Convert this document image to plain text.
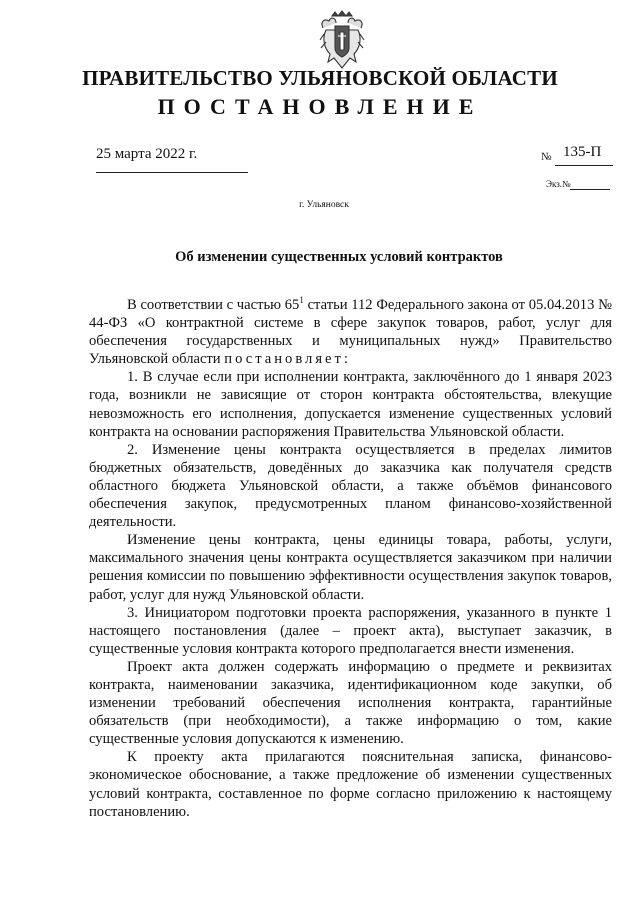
ПРАВИТЕЛЬСТВО УЛЬЯНОВСКОЙ ОБЛАСТИ
ПОСТАНОВЛЕНИЕ
25 марта 2022 г.	№ 135-П
Экз.№
г. Ульяновск
Об изменении существенных условий контрактов

В соответствии с частью $65^1$ статьи 112 Федерального закона от 05.04.2013 № 44-ФЗ «О контрактной системе в сфере закупок товаров, работ, услуг для обеспечения государственных и муниципальных нужд» Правительство Ульяновской области постановляет:

1. В случае если при исполнении контракта, заключённого до 1 января 2023 года, возникли не зависящие от сторон контракта обстоятельства, влекущие невозможность его исполнения, допускается изменение существенных условий контракта на основании распоряжения Правительства Ульяновской области.

2. Изменение цены контракта осуществляется в пределах лимитов бюджетных обязательств, доведённых до заказчика как получателя средств областного бюджета Ульяновской области, а также объёмов финансового обеспечения закупок, предусмотренных планом финансово-хозяйственной деятельности.

Изменение цены контракта, цены единицы товара, работы, услуги, максимального значения цены контракта осуществляется заказчиком при наличии решения комиссии по повышению эффективности осуществления закупок товаров, работ, услуг для нужд Ульяновской области.

3. Инициатором подготовки проекта распоряжения, указанного в пункте 1 настоящего постановления (далее – проект акта), выступает заказчик, в существенные условия контракта которого предполагается внести изменения.

Проект акта должен содержать информацию о предмете и реквизитах контракта, наименовании заказчика, идентификационном коде закупки, об изменении требований обеспечения исполнения контракта, гарантийные обязательств (при необходимости), а также информацию о том, какие существенные условия допускаются к изменению.

К проекту акта прилагаются пояснительная записка, финансово-экономическое обоснование, а также предложение об изменении существенных условий контракта, составленное по форме согласно приложению к настоящему постановлению.
